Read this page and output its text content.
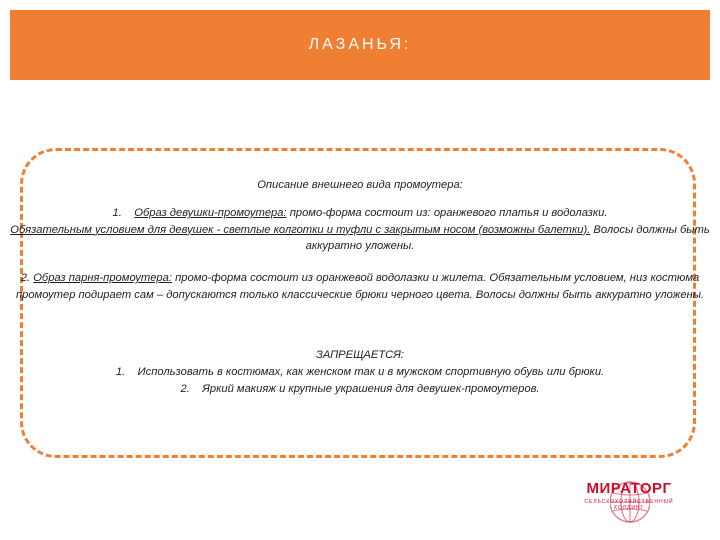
ЛАЗАНЬЯ:
Описание внешнего вида промоутера:
1. Образ девушки-промоутера: промо-форма состоит из: оранжевого платья и водолазки.
Обязательным условием для девушек - светлые колготки и туфли с закрытым носом (возможны балетки). Волосы должны быть аккуратно уложены.
2. Образ парня-промоутера: промо-форма состоит из оранжевой водолазки и жилета. Обязательным условием, низ костюма промоутер подирает сам – допускаются только классические брюки черного цвета. Волосы должны быть аккуратно уложены.
ЗАПРЕЩАЕТСЯ:
1. Использовать в костюмах, как женском так и в мужском спортивную обувь или брюки.
2. Яркий макияж и крупные украшения для девушек-промоутеров.
МИРАТОРГ
СЕЛЬСКОХОЗЯЙСТВЕННЫЙ ХОЛДИНГ
